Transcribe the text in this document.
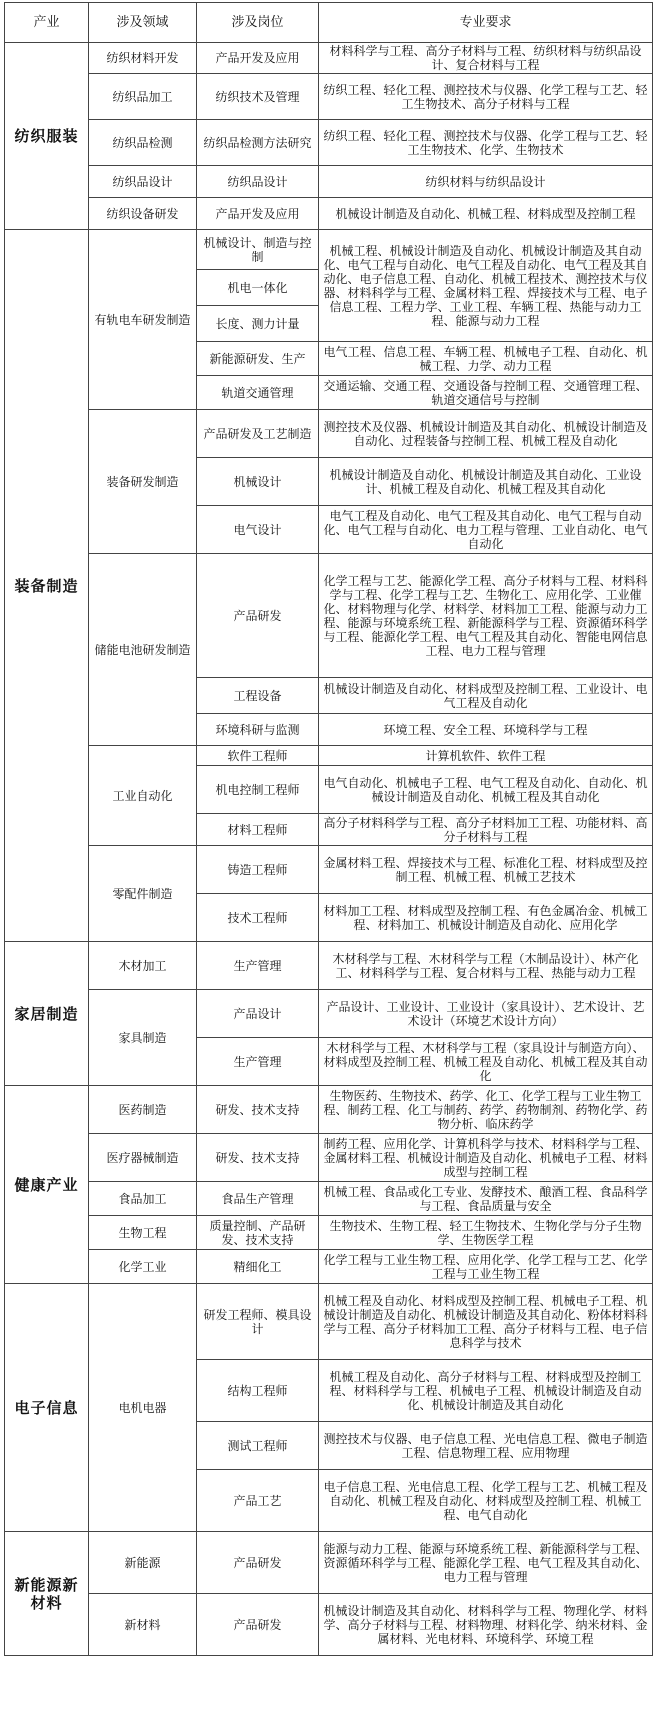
产业	涉及领域	涉及岗位	专业要求
纺织服装	纺织材料开发	产品开发及应用	材料科学与工程、高分子材料与工程、纺织材料与纺织品设计、复合材料与工程
	纺织品加工	纺织技术及管理	纺织工程、轻化工程、测控技术与仪器、化学工程与工艺、轻工生物技术、高分子材料与工程
	纺织品检测	纺织品检测方法研究	纺织工程、轻化工程、测控技术与仪器、化学工程与工艺、轻工生物技术、化学、生物技术
	纺织品设计	纺织品设计	纺织材料与纺织品设计
	纺织设备研发	产品开发及应用	机械设计制造及自动化、机械工程、材料成型及控制工程
装备制造	有轨电车研发制造	机械设计、制造与控制	机械工程、机械设计制造及自动化、机械设计制造及其自动化、电气工程与自动化、电气工程及自动化、电气工程及其自动化、电子信息工程、自动化、机械工程技术、测控技术与仪器、材料科学与工程、金属材料工程、焊接技术与工程、电子信息工程、工程力学、工业工程、车辆工程、热能与动力工程、能源与动力工程
		机电一体化	
		长度、测力计量	
		新能源研发、生产	电气工程、信息工程、车辆工程、机械电子工程、自动化、机械工程、力学、动力工程
		轨道交通管理	交通运输、交通工程、交通设备与控制工程、交通管理工程、轨道交通信号与控制
	装备研发制造	产品研发及工艺制造	测控技术及仪器、机械设计制造及其自动化、机械设计制造及自动化、过程装备与控制工程、机械工程及自动化
		机械设计	机械设计制造及自动化、机械设计制造及其自动化、工业设计、机械工程及自动化、机械工程及其自动化
		电气设计	电气工程及自动化、电气工程及其自动化、电气工程与自动化、电气工程与自动化、电力工程与管理、工业自动化、电气自动化
	储能电池研发制造	产品研发	化学工程与工艺、能源化学工程、高分子材料与工程、材料科学与工程、化学工程与工艺、生物化工、应用化学、工业催化、材料物理与化学、材料学、材料加工工程、能源与动力工程、能源与环境系统工程、新能源科学与工程、资源循环科学与工程、能源化学工程、电气工程及其自动化、智能电网信息工程、电力工程与管理
		工程设备	机械设计制造及自动化、材料成型及控制工程、工业设计、电气工程及自动化
		环境科研与监测	环境工程、安全工程、环境科学与工程
	工业自动化	软件工程师	计算机软件、软件工程
		机电控制工程师	电气自动化、机械电子工程、电气工程及自动化、自动化、机械设计制造及自动化、机械工程及其自动化
		材料工程师	高分子材料科学与工程、高分子材料加工工程、功能材料、高分子材料与工程
	零配件制造	铸造工程师	金属材料工程、焊接技术与工程、标准化工程、材料成型及控制工程、机械工程、机械工艺技术
		技术工程师	材料加工工程、材料成型及控制工程、有色金属冶金、机械工程、材料加工、机械设计制造及自动化、应用化学
家居制造	木材加工	生产管理	木材科学与工程、木材科学与工程（木制品设计）、林产化工、材料科学与工程、复合材料与工程、热能与动力工程
	家具制造	产品设计	产品设计、工业设计、工业设计（家具设计）、艺术设计、艺术设计（环境艺术设计方向）
		生产管理	木材科学与工程、木材科学与工程（家具设计与制造方向）、材料成型及控制工程、机械工程及自动化、机械工程及其自动化
健康产业	医药制造	研发、技术支持	生物医药、生物技术、药学、化工、化学工程与工业生物工程、制药工程、化工与制药、药学、药物制剂、药物化学、药物分析、临床药学
	医疗器械制造	研发、技术支持	制药工程、应用化学、计算机科学与技术、材料科学与工程、金属材料工程、机械设计制造及自动化、机械电子工程、材料成型与控制工程
	食品加工	食品生产管理	机械工程、食品或化工专业、发酵技术、酿酒工程、食品科学与工程、食品质量与安全
	生物工程	质量控制、产品研发、技术支持	生物技术、生物工程、轻工生物技术、生物化学与分子生物学、生物医学工程
	化学工业	精细化工	化学工程与工业生物工程、应用化学、化学工程与工艺、化学工程与工业生物工程
电子信息	电机电器	研发工程师、模具设计	机械工程及自动化、材料成型及控制工程、机械电子工程、机械设计制造及自动化、机械设计制造及其自动化、粉体材料科学与工程、高分子材料加工工程、高分子材料与工程、电子信息科学与技术
		结构工程师	机械工程及自动化、高分子材料与工程、材料成型及控制工程、材料科学与工程、机械电子工程、机械设计制造及自动化、机械设计制造及其自动化
		测试工程师	测控技术与仪器、电子信息工程、光电信息工程、微电子制造工程、信息物理工程、应用物理
		产品工艺	电子信息工程、光电信息工程、化学工程与工艺、机械工程及自动化、机械工程及自动化、材料成型及控制工程、机械工程、电气自动化
新能源新材料	新能源	产品研发	能源与动力工程、能源与环境系统工程、新能源科学与工程、资源循环科学与工程、能源化学工程、电气工程及其自动化、电力工程与管理
	新材料	产品研发	机械设计制造及其自动化、材料科学与工程、物理化学、材料学、高分子材料与工程、材料物理、材料化学、纳米材料、金属材料、光电材料、环境科学、环境工程
